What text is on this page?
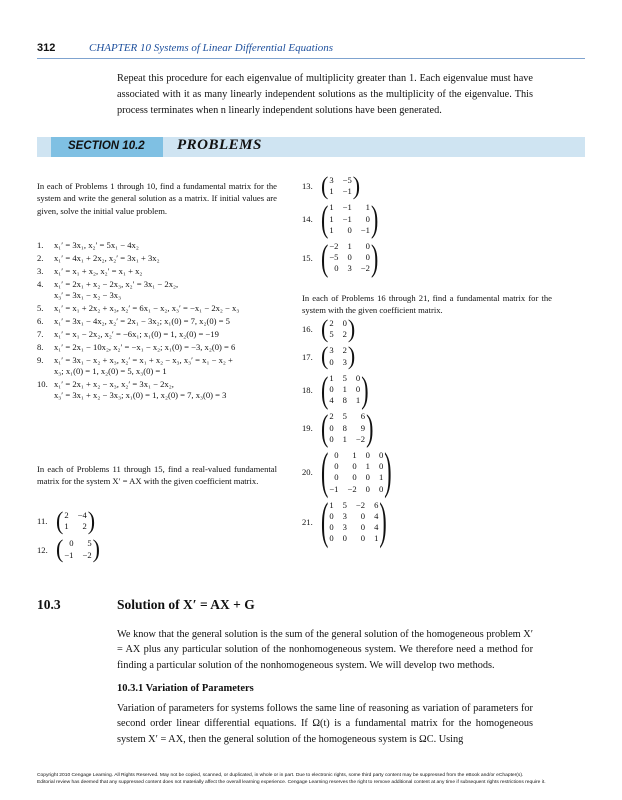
312	CHAPTER 10 Systems of Linear Differential Equations
Repeat this procedure for each eigenvalue of multiplicity greater than 1. Each eigenvalue must have associated with it as many linearly independent solutions as the multiplicity of the eigenvalue. This process terminates when n linearly independent solutions have been generated.
SECTION 10.2 PROBLEMS
In each of Problems 1 through 10, find a fundamental matrix for the system and write the general solution as a matrix. If initial values are given, solve the initial value problem.
1. x₁′ = 3x₁, x₂′ = 5x₁ − 4x₂
2. x₁′ = 4x₁ + 2x₂, x₂′ = 3x₁ + 3x₂
3. x₁′ = x₁ + x₂, x₂′ = x₁ + x₂
4. x₁′ = 2x₁ + x₂ − 2x₃, x₂′ = 3x₁ − 2x₂,
x₃′ = 3x₁ − x₂ − 3x₃
5. x₁′ = x₁ + 2x₂ + x₃, x₂′ = 6x₁ − x₂, x₃′ = −x₁ − 2x₂ − x₃
6. x₁′ = 3x₁ − 4x₂, x₂′ = 2x₁ − 3x₂; x₁(0) = 7, x₂(0) = 5
7. x₁′ = x₁ − 2x₂, x₂′ = −6x₁; x₁(0) = 1, x₂(0) = −19
8. x₁′ = 2x₁ − 10x₂, x₂′ = −x₁ − x₂; x₁(0) = −3, x₂(0) = 6
9. x₁′ = 3x₁ − x₂ + x₃, x₂′ = x₁ + x₂ − x₃, x₃′ = x₁ − x₂ +
x₃; x₁(0) = 1, x₂(0) = 5, x₃(0) = 1
10. x₁′ = 2x₁ + x₂ − x₃, x₂′ = 3x₁ − 2x₂,
x₃′ = 3x₁ + x₂ − 3x₃; x₁(0) = 1, x₂(0) = 7, x₃(0) = 3
In each of Problems 11 through 15, find a real-valued fundamental matrix for the system X′ = AX with the given coefficient matrix.
11. ( 2 −4
1	2 )
12. ( 0	5
−1 −2 )
13. ( 3 −5
1 −1 )
14. ( 1 −1	1
1 −1	0
1	0 −1 )
15. ( −2 1	0
−5 0	0
0 3 −2 )
In each of Problems 16 through 21, find a fundamental matrix for the system with the given coefficient matrix.
16. ( 2 0
5 2 )
17. ( 3 2
0 3 )
18. ( 1 5 0
0 1 0
4 8 1 )
19. ( 2 5	6
0 8	9
0 1 −2 )
20. ( 0	1 0 0
0	0 1 0
0	0 0 1
−1 −2 0 0 )
21. ( 1 5 −2 6
0 3	0 4
0 3	0 4
0 0	0 1 )
10.3	Solution of X′ = AX + G
We know that the general solution is the sum of the general solution of the homogeneous problem X′ = AX plus any particular solution of the nonhomogeneous system. We therefore need a method for finding a particular solution of the nonhomogeneous system. We will develop two methods.
10.3.1 Variation of Parameters
Variation of parameters for systems follows the same line of reasoning as variation of parameters for second order linear differential equations. If Ω(t) is a fundamental matrix for the homogeneous system X′ = AX, then the general solution of the homogeneous system is ΩC. Using
Copyright 2010 Cengage Learning. All Rights Reserved. May not be copied, scanned, or duplicated, in whole or in part. Due to electronic rights, some third party content may be suppressed from the eBook and/or eChapter(s).
Editorial review has deemed that any suppressed content does not materially affect the overall learning experience. Cengage Learning reserves the right to remove additional content at any time if subsequent rights restrictions require it.
